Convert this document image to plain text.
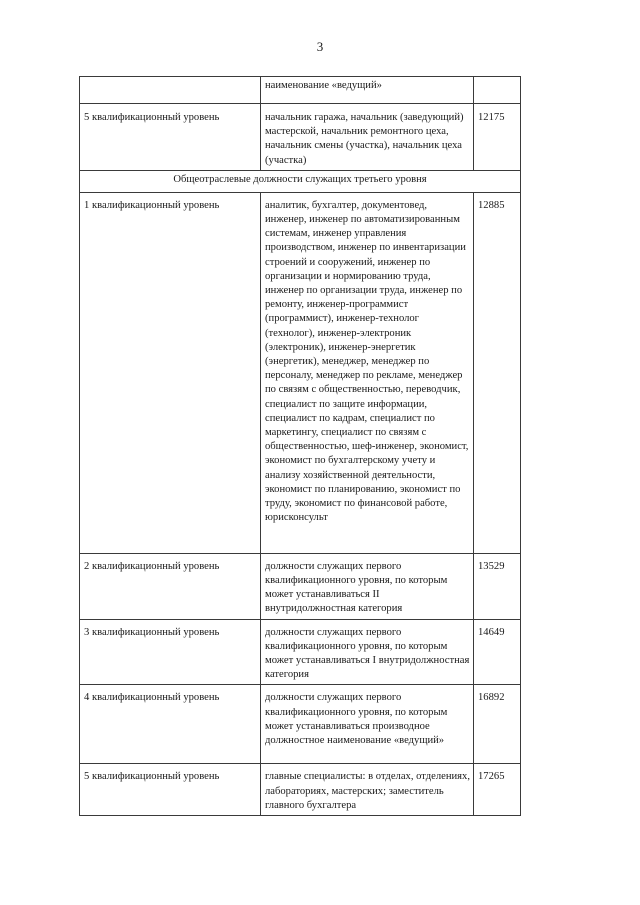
3
	наименование «ведущий»	
5 квалификационный уровень	начальник гаража, начальник (заведующий) мастерской, начальник ремонтного цеха, начальник смены (участка), начальник цеха (участка)	12175
Общеотраслевые должности служащих третьего уровня		
1 квалификационный уровень	аналитик, бухгалтер, документовед, инженер, инженер по автоматизированным системам, инженер управления производством, инженер по инвентаризации строений и сооружений, инженер по организации и нормированию труда, инженер по организации труда, инженер по ремонту, инженер-программист (программист), инженер-технолог (технолог), инженер-электроник (электроник), инженер-энергетик (энергетик), менеджер, менеджер по персоналу, менеджер по рекламе, менеджер по связям с общественностью, переводчик, специалист по защите информации, специалист по кадрам, специалист по маркетингу, специалист по связям с общественностью, шеф-инженер, экономист, экономист по бухгалтерскому учету и анализу хозяйственной деятельности, экономист по планированию, экономист по труду, экономист по финансовой работе, юрисконсульт	12885
2 квалификационный уровень	должности служащих первого квалификационного уровня, по которым может устанавливаться II внутридолжностная категория	13529
3 квалификационный уровень	должности служащих первого квалификационного уровня, по которым может устанавливаться I внутридолжностная категория	14649
4 квалификационный уровень	должности служащих первого квалификационного уровня, по которым может устанавливаться производное должностное наименование «ведущий»	16892
5 квалификационный уровень	главные специалисты: в отделах, отделениях, лабораториях, мастерских; заместитель главного бухгалтера	17265
